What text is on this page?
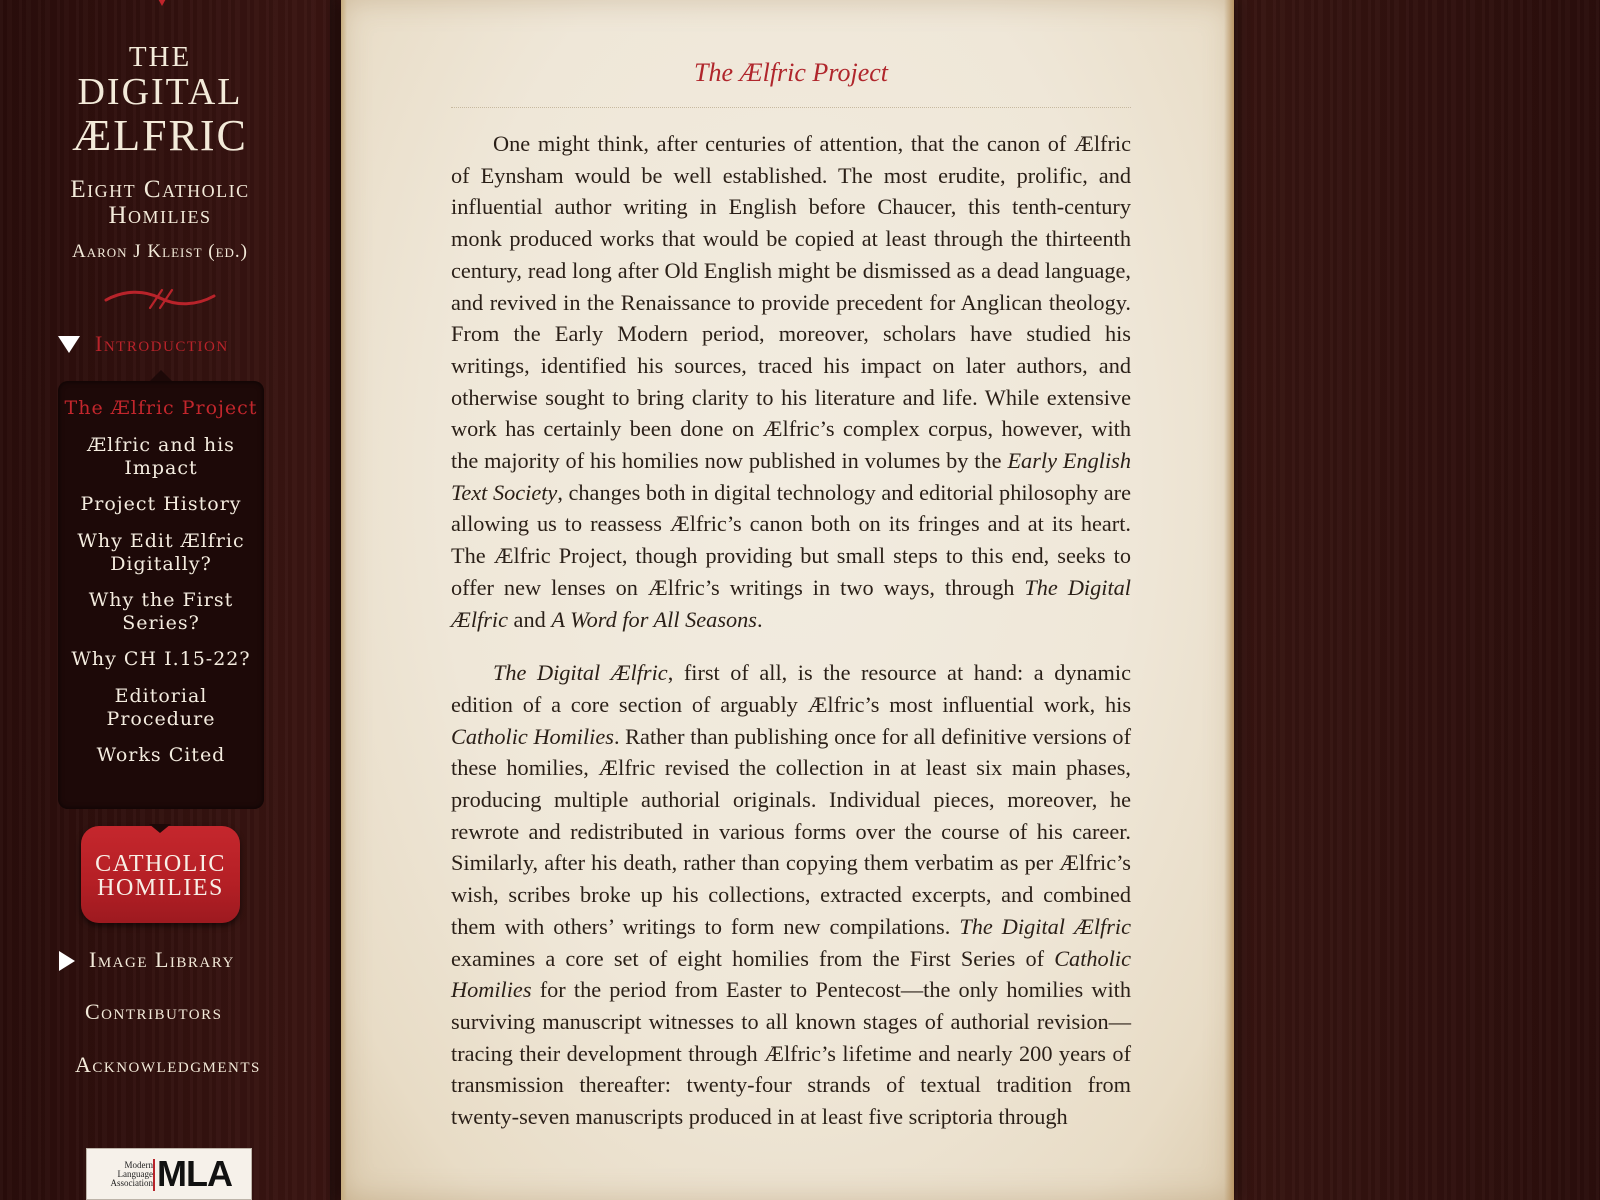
THE
DIGITAL
ÆLFRIC
Eight Catholic Homilies
Aaron J Kleist (ed.)
Introduction
The Ælfric Project
Ælfric and his Impact
Project History
Why Edit Ælfric Digitally?
Why the First Series?
Why CH I.15-22?
Editorial Procedure
Works Cited
CATHOLIC
HOMILIES
Image Library
Contributors
Acknowledgments
Modern
Language
Association MLA
The Ælfric Project

One might think, after centuries of attention, that the canon of Ælfric of Eynsham would be well established. The most erudite, prolific, and influential author writing in English before Chaucer, this tenth-century monk produced works that would be copied at least through the thirteenth century, read long after Old English might be dismissed as a dead language, and revived in the Renaissance to provide precedent for Anglican theology. From the Early Modern period, moreover, scholars have studied his writings, identified his sources, traced his impact on later authors, and otherwise sought to bring clarity to his literature and life. While extensive work has certainly been done on Ælfric’s complex corpus, however, with the majority of his homilies now published in volumes by the Early English Text Society, changes both in digital technology and editorial philosophy are allowing us to reassess Ælfric’s canon both on its fringes and at its heart. The Ælfric Project, though providing but small steps to this end, seeks to offer new lenses on Ælfric’s writings in two ways, through The Digital Ælfric and A Word for All Seasons.

The Digital Ælfric, first of all, is the resource at hand: a dynamic edition of a core section of arguably Ælfric’s most influential work, his Catholic Homilies. Rather than publishing once for all definitive versions of these homilies, Ælfric revised the collection in at least six main phases, producing multiple authorial originals. Individual pieces, moreover, he rewrote and redistributed in various forms over the course of his career. Similarly, after his death, rather than copying them verbatim as per Ælfric’s wish, scribes broke up his collections, extracted excerpts, and combined them with others’ writings to form new compilations. The Digital Ælfric examines a core set of eight homilies from the First Series of Catholic Homilies for the period from Easter to Pentecost—the only homilies with surviving manuscript witnesses to all known stages of authorial revision—tracing their development through Ælfric’s lifetime and nearly 200 years of transmission thereafter: twenty-four strands of textual tradition from twenty-seven manuscripts produced in at least five scriptoria through
